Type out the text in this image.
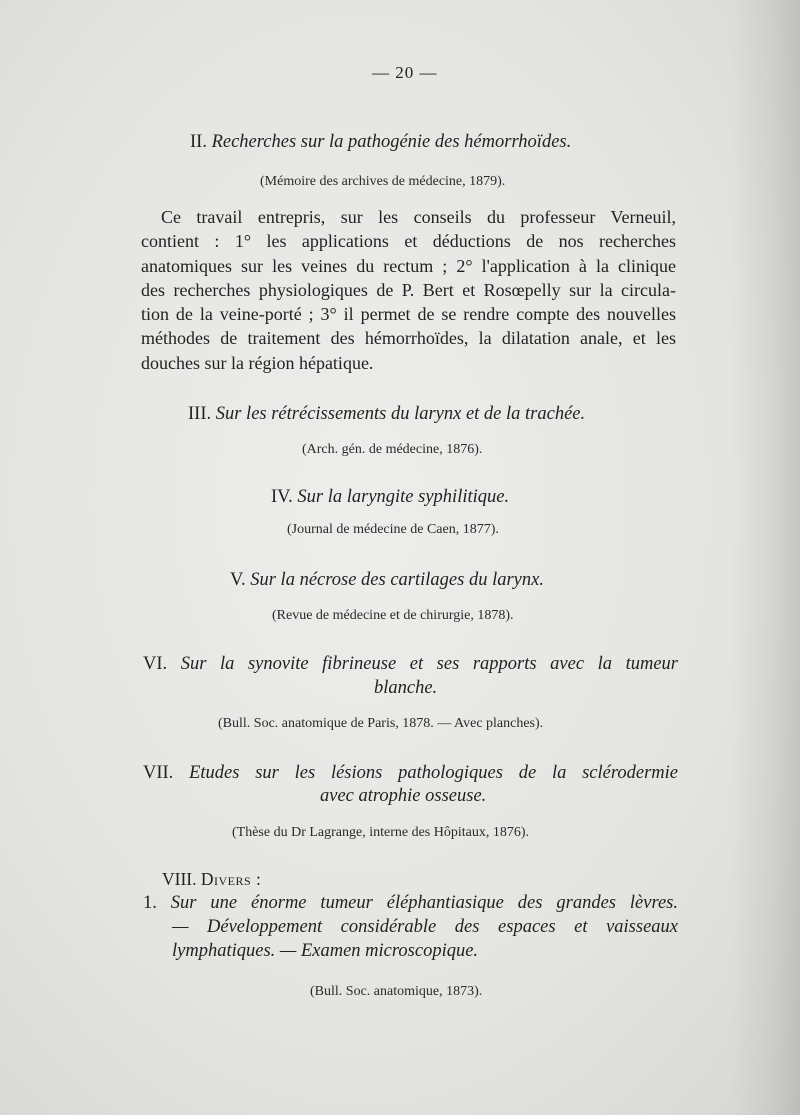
— 20 —
II. Recherches sur la pathogénie des hémorrhoïdes.
(Mémoire des archives de médecine, 1879).
Ce travail entrepris, sur les conseils du professeur Verneuil,
contient : 1° les applications et déductions de nos recherches
anatomiques sur les veines du rectum ; 2° l'application à la clinique
des recherches physiologiques de P. Bert et Rosœpelly sur la circula-
tion de la veine-porté ; 3° il permet de se rendre compte des nouvelles
méthodes de traitement des hémorrhoïdes, la dilatation anale, et les
douches sur la région hépatique.
III. Sur les rétrécissements du larynx et de la trachée.
(Arch. gén. de médecine, 1876).
IV. Sur la laryngite syphilitique.
(Journal de médecine de Caen, 1877).
V. Sur la nécrose des cartilages du larynx.
(Revue de médecine et de chirurgie, 1878).
VI. Sur la synovite fibrineuse et ses rapports avec la tumeur
blanche.
(Bull. Soc. anatomique de Paris, 1878. — Avec planches).
VII. Etudes sur les lésions pathologiques de la sclérodermie
avec atrophie osseuse.
(Thèse du Dr Lagrange, interne des Hôpitaux, 1876).
VIII. Divers :
1. Sur une énorme tumeur éléphantiasique des grandes lèvres.
— Développement considérable des espaces et vaisseaux
lymphatiques. — Examen microscopique.
(Bull. Soc. anatomique, 1873).
